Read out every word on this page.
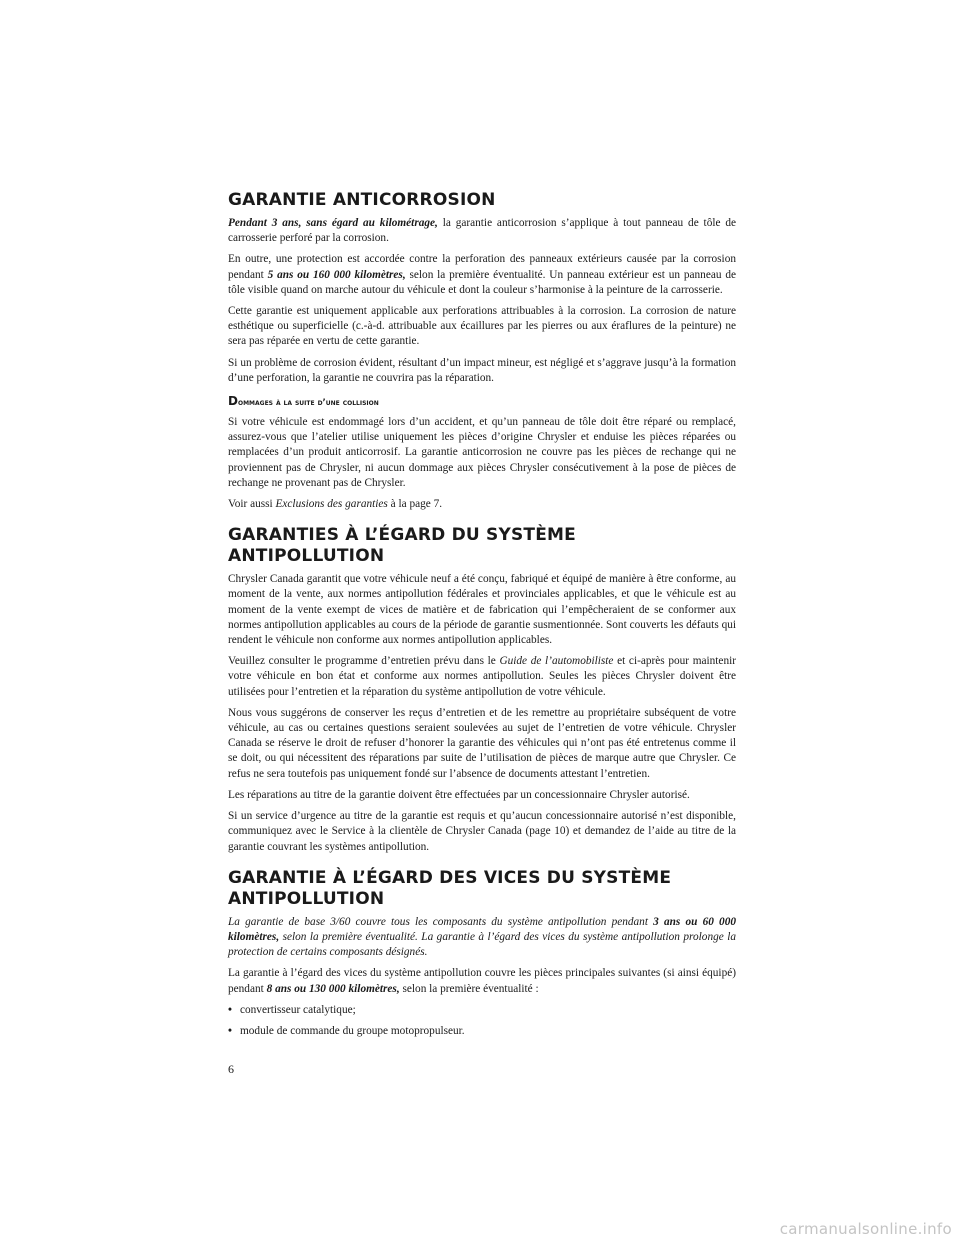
GARANTIE ANTICORROSION

Pendant 3 ans, sans égard au kilométrage, la garantie anticorrosion s’applique à tout panneau de tôle de carrosserie perforé par la corrosion.

En outre, une protection est accordée contre la perforation des panneaux extérieurs causée par la corrosion pendant 5 ans ou 160 000 kilomètres, selon la première éventualité. Un panneau extérieur est un panneau de tôle visible quand on marche autour du véhicule et dont la couleur s’harmonise à la peinture de la carrosserie.

Cette garantie est uniquement applicable aux perforations attribuables à la corrosion. La corrosion de nature esthétique ou superficielle (c.-à-d. attribuable aux écaillures par les pierres ou aux éraflures de la peinture) ne sera pas réparée en vertu de cette garantie.

Si un problème de corrosion évident, résultant d’un impact mineur, est négligé et s’aggrave jusqu’à la formation d’une perforation, la garantie ne couvrira pas la réparation.

Dommages à la suite d’une collision

Si votre véhicule est endommagé lors d’un accident, et qu’un panneau de tôle doit être réparé ou remplacé, assurez-vous que l’atelier utilise uniquement les pièces d’origine Chrysler et enduise les pièces réparées ou remplacées d’un produit anticorrosif. La garantie anticorrosion ne couvre pas les pièces de rechange qui ne proviennent pas de Chrysler, ni aucun dommage aux pièces Chrysler consécutivement à la pose de pièces de rechange ne provenant pas de Chrysler.

Voir aussi Exclusions des garanties à la page 7.

GARANTIES À L’ÉGARD DU SYSTÈME ANTIPOLLUTION

Chrysler Canada garantit que votre véhicule neuf a été conçu, fabriqué et équipé de manière à être conforme, au moment de la vente, aux normes antipollution fédérales et provinciales applicables, et que le véhicule est au moment de la vente exempt de vices de matière et de fabrication qui l’empêcheraient de se conformer aux normes antipollution applicables au cours de la période de garantie susmentionnée. Sont couverts les défauts qui rendent le véhicule non conforme aux normes antipollution applicables.

Veuillez consulter le programme d’entretien prévu dans le Guide de l’automobiliste et ci-après pour maintenir votre véhicule en bon état et conforme aux normes antipollution. Seules les pièces Chrysler doivent être utilisées pour l’entretien et la réparation du système antipollution de votre véhicule.

Nous vous suggérons de conserver les reçus d’entretien et de les remettre au propriétaire subséquent de votre véhicule, au cas ou certaines questions seraient soulevées au sujet de l’entretien de votre véhicule. Chrysler Canada se réserve le droit de refuser d’honorer la garantie des véhicules qui n’ont pas été entretenus comme il se doit, ou qui nécessitent des réparations par suite de l’utilisation de pièces de marque autre que Chrysler. Ce refus ne sera toutefois pas uniquement fondé sur l’absence de documents attestant l’entretien.

Les réparations au titre de la garantie doivent être effectuées par un concessionnaire Chrysler autorisé.

Si un service d’urgence au titre de la garantie est requis et qu’aucun concessionnaire autorisé n’est disponible, communiquez avec le Service à la clientèle de Chrysler Canada (page 10) et demandez de l’aide au titre de la garantie couvrant les systèmes antipollution.

GARANTIE À L’ÉGARD DES VICES DU SYSTÈME
ANTIPOLLUTION

La garantie de base 3/60 couvre tous les composants du système antipollution pendant 3 ans ou 60 000 kilomètres, selon la première éventualité. La garantie à l’égard des vices du système antipollution prolonge la protection de certains composants désignés.

La garantie à l’égard des vices du système antipollution couvre les pièces principales suivantes (si ainsi équipé) pendant 8 ans ou 130 000 kilomètres, selon la première éventualité :

• convertisseur catalytique;
• module de commande du groupe motopropulseur.
6
carmanualsonline.info
